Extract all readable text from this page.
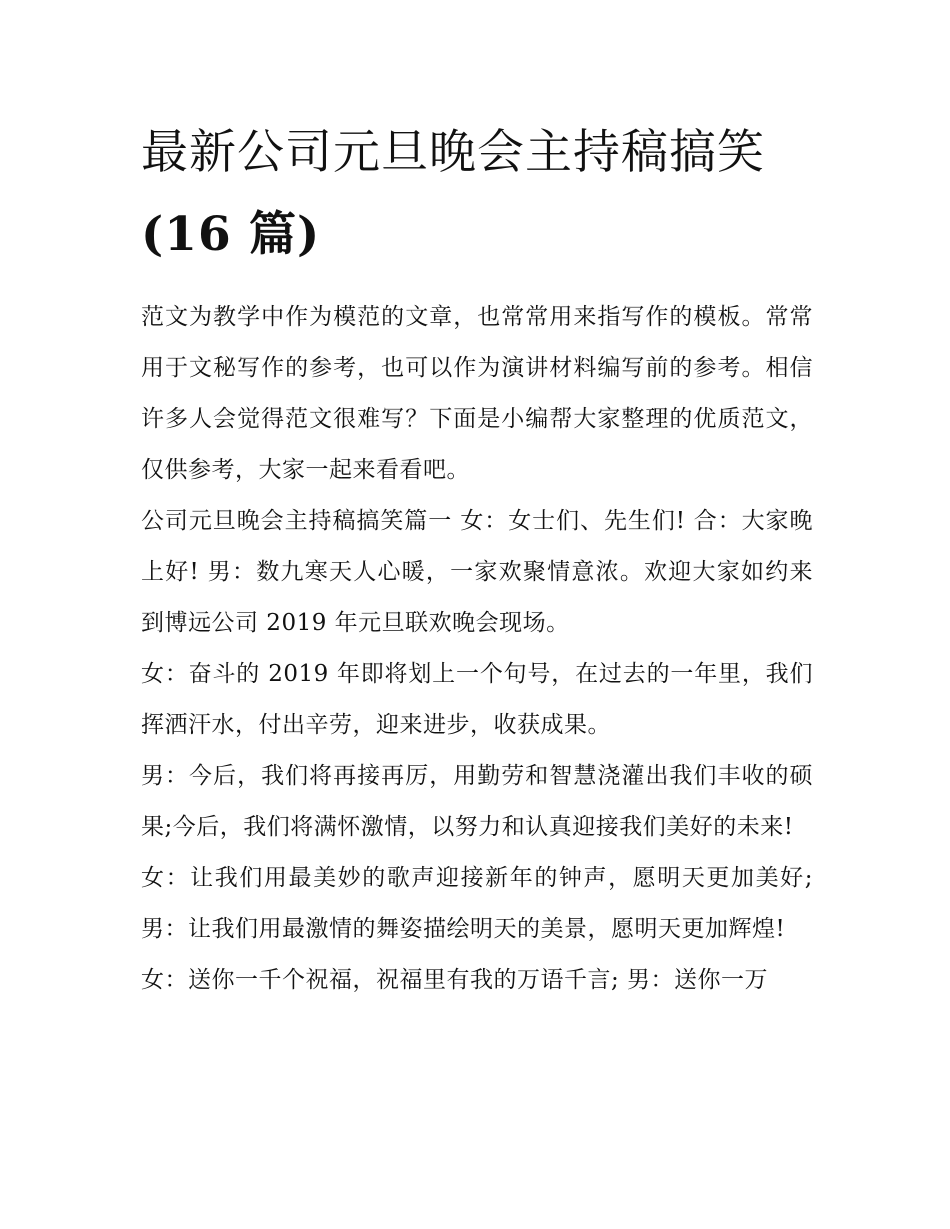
最新公司元旦晚会主持稿搞笑
(16 篇)

范文为教学中作为模范的文章，也常常用来指写作的模板。常常用于文秘写作的参考，也可以作为演讲材料编写前的参考。相信许多人会觉得范文很难写？下面是小编帮大家整理的优质范文，仅供参考，大家一起来看看吧。

公司元旦晚会主持稿搞笑篇一 女：女士们、先生们! 合：大家晚上好! 男：数九寒天人心暖，一家欢聚情意浓。欢迎大家如约来到博远公司 2019 年元旦联欢晚会现场。

女：奋斗的 2019 年即将划上一个句号，在过去的一年里，我们挥洒汗水，付出辛劳，迎来进步，收获成果。

男：今后，我们将再接再厉，用勤劳和智慧浇灌出我们丰收的硕果;今后，我们将满怀激情，以努力和认真迎接我们美好的未来!

女：让我们用最美妙的歌声迎接新年的钟声，愿明天更加美好; 男：让我们用最激情的舞姿描绘明天的美景，愿明天更加辉煌!

女：送你一千个祝福，祝福里有我的万语千言; 男：送你一万
